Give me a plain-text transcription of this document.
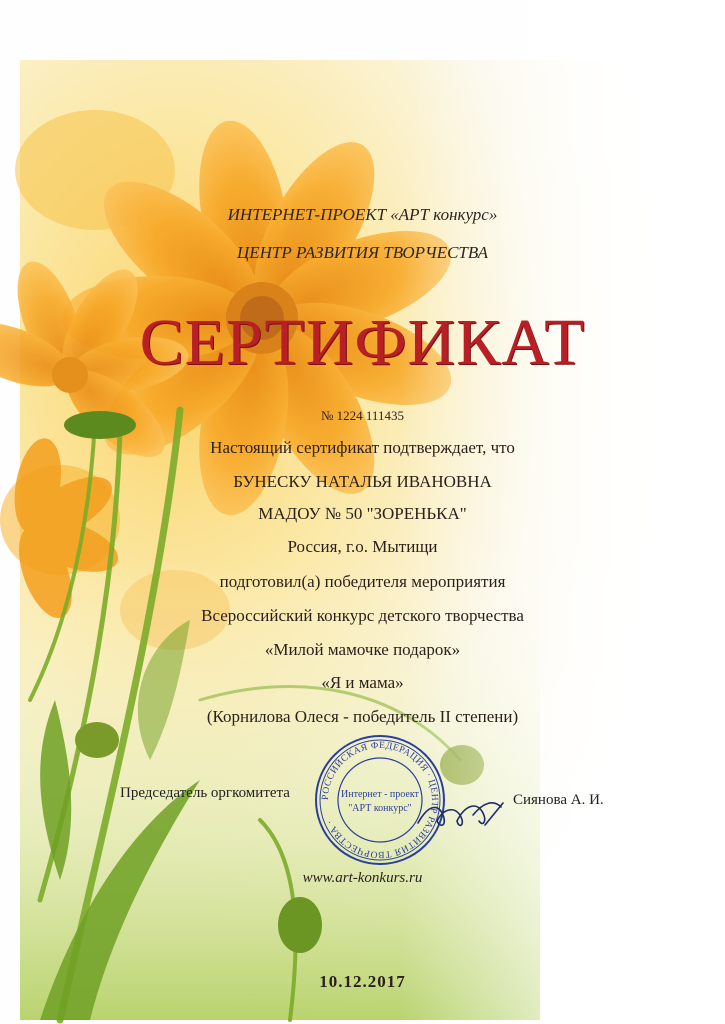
ИНТЕРНЕТ-ПРОЕКТ «АРТ конкурс»
ЦЕНТР РАЗВИТИЯ ТВОРЧЕСТВА
СЕРТИФИКАТ
№ 1224 111435
Настоящий сертификат подтверждает, что
БУНЕСКУ НАТАЛЬЯ ИВАНОВНА
МАДОУ № 50 "ЗОРЕНЬКА"
Россия, г.о. Мытищи
подготовил(а) победителя мероприятия
Всероссийский конкурс детского творчества
«Милой мамочке подарок»
«Я и мама»
(Корнилова Олеся - победитель II степени)
Председатель оргкомитета	РОССИЙСКАЯ ФЕДЕРАЦИЯ · ЦЕНТР РАЗВИТИЯ ТВОРЧЕСТВА ·
Интернет - проект
"АРТ конкурс"
Сиянова А. И.
www.art-konkurs.ru
10.12.2017
